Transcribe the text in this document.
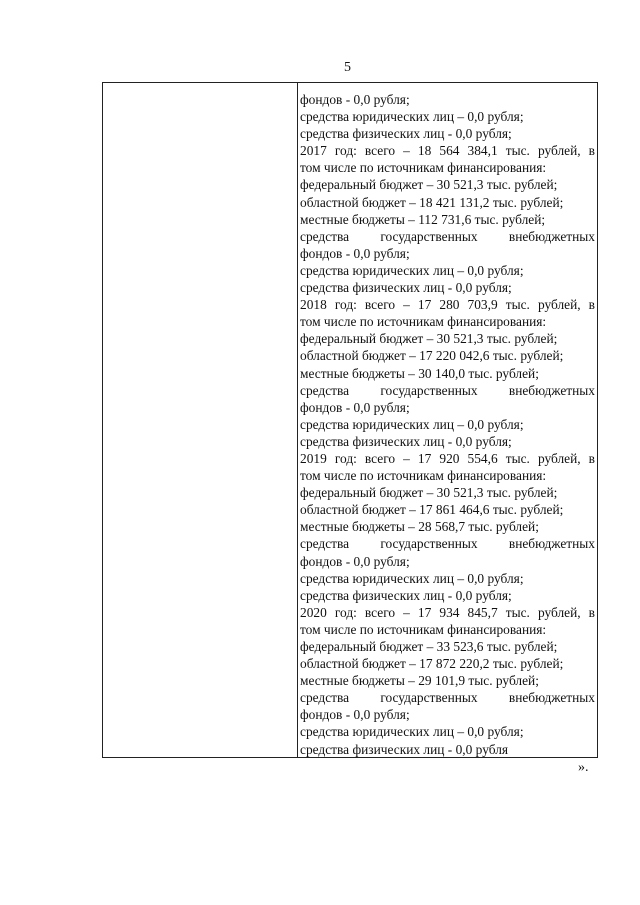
5
фондов - 0,0 рубля;
средства юридических лиц – 0,0 рубля;
средства физических лиц - 0,0 рубля;
2017 год: всего – 18 564 384,1 тыс. рублей, в
том числе по источникам финансирования:
федеральный бюджет – 30 521,3 тыс. рублей;
областной бюджет – 18 421 131,2 тыс. рублей;
местные бюджеты – 112 731,6 тыс. рублей;
средства государственных внебюджетных
фондов - 0,0 рубля;
средства юридических лиц – 0,0 рубля;
средства физических лиц - 0,0 рубля;
2018 год: всего – 17 280 703,9 тыс. рублей, в
том числе по источникам финансирования:
федеральный бюджет – 30 521,3 тыс. рублей;
областной бюджет – 17 220 042,6 тыс. рублей;
местные бюджеты – 30 140,0 тыс. рублей;
средства государственных внебюджетных
фондов - 0,0 рубля;
средства юридических лиц – 0,0 рубля;
средства физических лиц - 0,0 рубля;
2019 год: всего – 17 920 554,6 тыс. рублей, в
том числе по источникам финансирования:
федеральный бюджет – 30 521,3 тыс. рублей;
областной бюджет – 17 861 464,6 тыс. рублей;
местные бюджеты – 28 568,7 тыс. рублей;
средства государственных внебюджетных
фондов - 0,0 рубля;
средства юридических лиц – 0,0 рубля;
средства физических лиц - 0,0 рубля;
2020 год: всего – 17 934 845,7 тыс. рублей, в
том числе по источникам финансирования:
федеральный бюджет – 33 523,6 тыс. рублей;
областной бюджет – 17 872 220,2 тыс. рублей;
местные бюджеты – 29 101,9 тыс. рублей;
средства государственных внебюджетных
фондов - 0,0 рубля;
средства юридических лиц – 0,0 рубля;
средства физических лиц - 0,0 рубля
».
